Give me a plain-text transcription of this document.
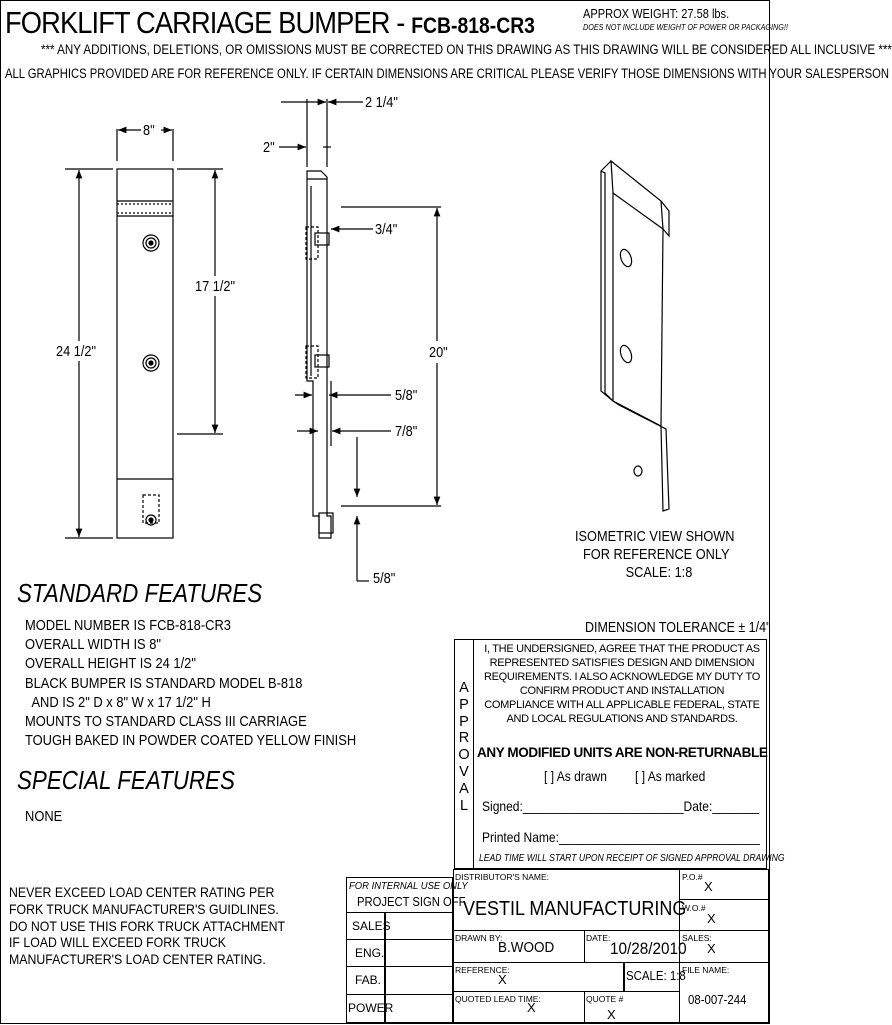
FORKLIFT CARRIAGE BUMPER - FCB-818-CR3	APPROX WEIGHT: 27.58 lbs.
DOES NOT INCLUDE WEIGHT OF POWER OR PACKAGING!!
*** ANY ADDITIONS, DELETIONS, OR OMISSIONS MUST BE CORRECTED ON THIS DRAWING AS THIS DRAWING WILL BE CONSIDERED ALL INCLUSIVE ***
ALL GRAPHICS PROVIDED ARE FOR REFERENCE ONLY. IF CERTAIN DIMENSIONS ARE CRITICAL PLEASE VERIFY THOSE DIMENSIONS WITH YOUR SALESPERSON
8"
24 1/2"
17 1/2"
2 1/4"
2"
3/4"
20"
5/8"
7/8"
5/8"
ISOMETRIC VIEW SHOWN
FOR REFERENCE ONLY
SCALE: 1:8
STANDARD FEATURES
MODEL NUMBER IS FCB-818-CR3
OVERALL WIDTH IS 8"
OVERALL HEIGHT IS 24 1/2"
BLACK BUMPER IS STANDARD MODEL B-818
AND IS 2" D x 8" W x 17 1/2" H
MOUNTS TO STANDARD CLASS III CARRIAGE
TOUGH BAKED IN POWDER COATED YELLOW FINISH
SPECIAL FEATURES
NONE
DIMENSION TOLERANCE ± 1/4"
A
P
P
R
O
V
A
L
I, THE UNDERSIGNED, AGREE THAT THE PRODUCT AS
REPRESENTED SATISFIES DESIGN AND DIMENSION
REQUIREMENTS. I ALSO ACKNOWLEDGE MY DUTY TO
CONFIRM PRODUCT AND INSTALLATION
COMPLIANCE WITH ALL APPLICABLE FEDERAL, STATE
AND LOCAL REGULATIONS AND STANDARDS.
ANY MODIFIED UNITS ARE NON-RETURNABLE
[ ] As drawn [ ] As marked
Signed:________________________Date:_______
Printed Name:______________________________
LEAD TIME WILL START UPON RECEIPT OF SIGNED APPROVAL DRAWING
NEVER EXCEED LOAD CENTER RATING PER
FORK TRUCK MANUFACTURER'S GUIDLINES.
DO NOT USE THIS FORK TRUCK ATTACHMENT
IF LOAD WILL EXCEED FORK TRUCK
MANUFACTURER'S LOAD CENTER RATING.
FOR INTERNAL USE ONLY
PROJECT SIGN OFF
SALES
ENG.
FAB.
POWER
DISTRIBUTOR'S NAME:
VESTIL MANUFACTURING
P.O.#
X
W.O.#
X
DRAWN BY:
B.WOOD
DATE:
10/28/2010
SALES:
X
REFERENCE:
X	SCALE: 1:8
FILE NAME:
08-007-244
QUOTED LEAD TIME:
X
QUOTE #
X
